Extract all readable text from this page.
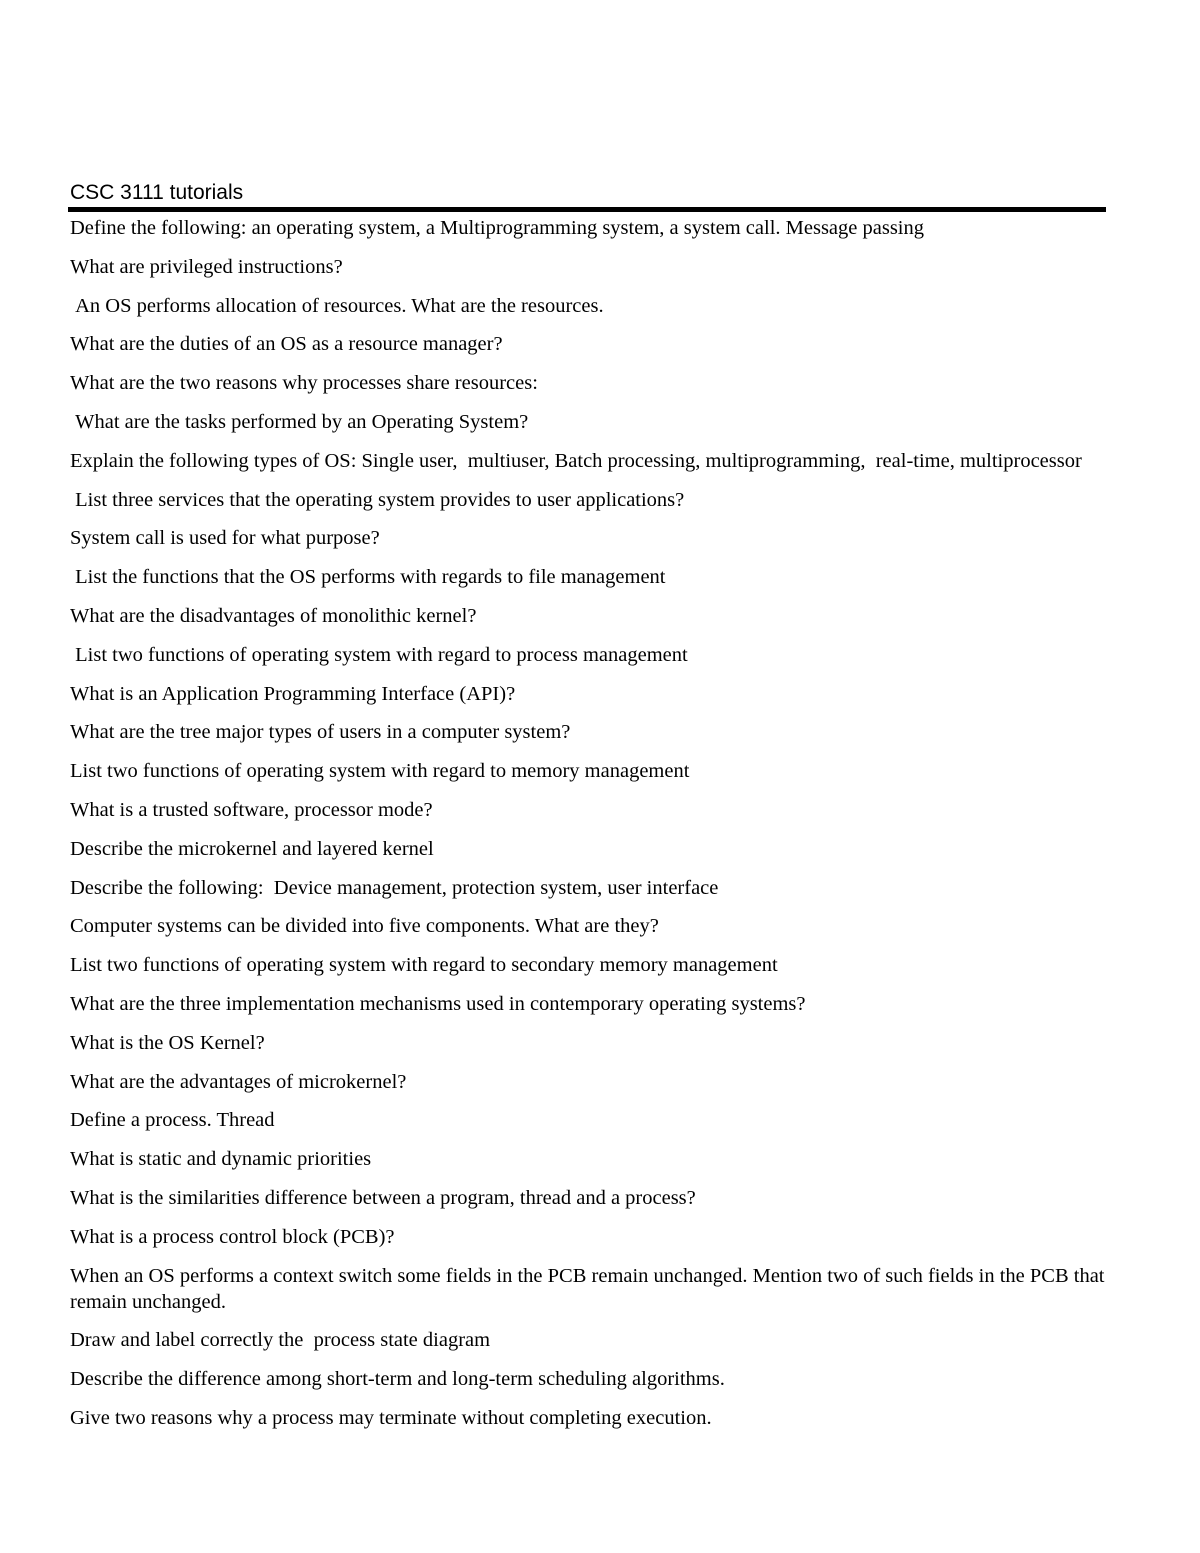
CSC 3111 tutorials
Define the following: an operating system, a Multiprogramming system, a system call. Message passing
What are privileged instructions?
An OS performs allocation of resources. What are the resources.
What are the duties of an OS as a resource manager?
What are the two reasons why processes share resources:
What are the tasks performed by an Operating System?
Explain the following types of OS: Single user,  multiuser, Batch processing, multiprogramming,  real-time, multiprocessor
List three services that the operating system provides to user applications?
System call is used for what purpose?
List the functions that the OS performs with regards to file management
What are the disadvantages of monolithic kernel?
List two functions of operating system with regard to process management
What is an Application Programming Interface (API)?
What are the tree major types of users in a computer system?
List two functions of operating system with regard to memory management
What is a trusted software, processor mode?
Describe the microkernel and layered kernel
Describe the following:  Device management, protection system, user interface
Computer systems can be divided into five components. What are they?
List two functions of operating system with regard to secondary memory management
What are the three implementation mechanisms used in contemporary operating systems?
What is the OS Kernel?
What are the advantages of microkernel?
Define a process. Thread
What is static and dynamic priorities
What is the similarities difference between a program, thread and a process?
What is a process control block (PCB)?
When an OS performs a context switch some fields in the PCB remain unchanged. Mention two of such fields in the PCB that remain unchanged.
Draw and label correctly the  process state diagram
Describe the difference among short-term and long-term scheduling algorithms.
Give two reasons why a process may terminate without completing execution.
